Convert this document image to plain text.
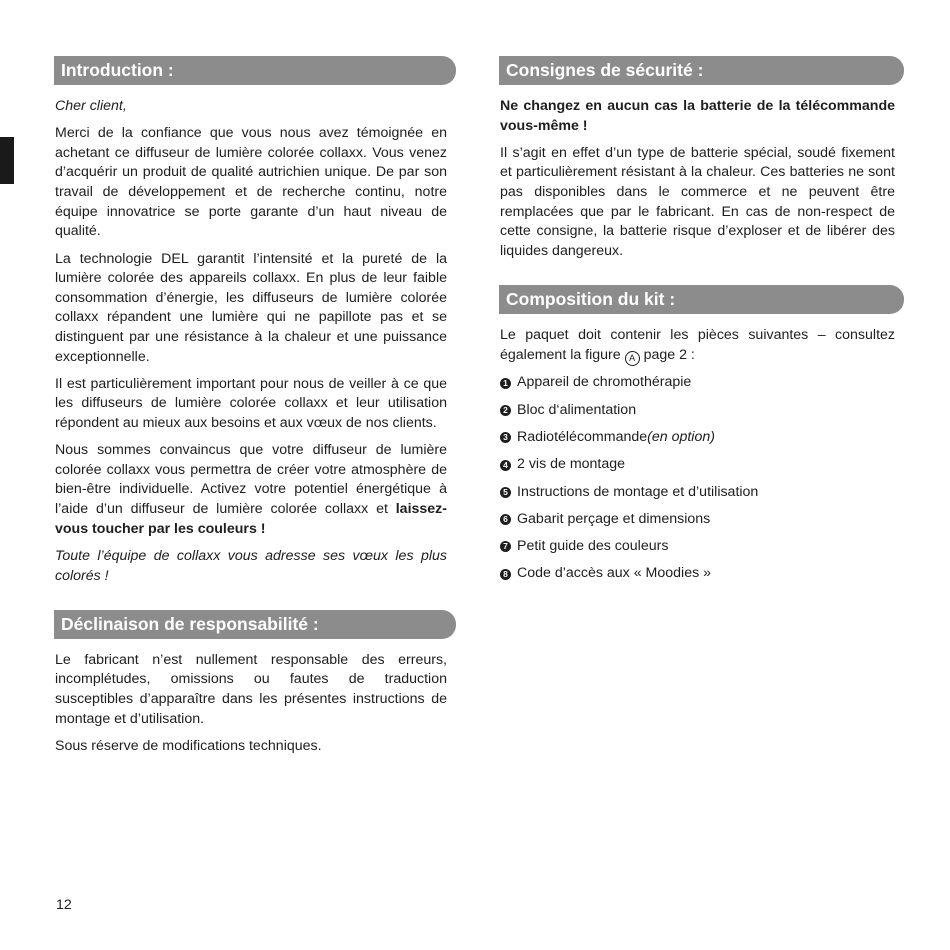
Introduction :

Cher client,

Merci de la confiance que vous nous avez témoignée en achetant ce diffuseur de lumière colorée collaxx. Vous venez d’acquérir un produit de qualité autrichien unique. De par son travail de développement et de recherche continu, notre équipe innovatrice se porte garante d’un haut niveau de qualité.

La technologie DEL garantit l’intensité et la pureté de la lumière colorée des appareils collaxx. En plus de leur faible consommation d’énergie, les diffuseurs de lumière colorée collaxx répandent une lumière qui ne papillote pas et se distinguent par une résistance à la chaleur et une puissance exceptionnelle.

Il est particulièrement important pour nous de veiller à ce que les diffuseurs de lumière colorée collaxx et leur utilisation répondent au mieux aux besoins et aux vœux de nos clients.

Nous sommes convaincus que votre diffuseur de lumière colorée collaxx vous permettra de créer votre atmosphère de bien-être individuelle. Activez votre potentiel énergétique à l’aide d’un diffuseur de lumière colorée collaxx et laissez-vous toucher par les couleurs !

Toute l’équipe de collaxx vous adresse ses vœux les plus colorés !

Déclinaison de responsabilité :

Le fabricant n’est nullement responsable des erreurs, incomplétudes, omissions ou fautes de traduction susceptibles d’apparaître dans les présentes instructions de montage et d’utilisation.

Sous réserve de modifications techniques.

Consignes de sécurité :

Ne changez en aucun cas la batterie de la télécommande vous-même !

Il s’agit en effet d’un type de batterie spécial, soudé fixement et particulièrement résistant à la chaleur. Ces batteries ne sont pas disponibles dans le commerce et ne peuvent être remplacées que par le fabricant. En cas de non-respect de cette consigne, la batterie risque d’exploser et de libérer des liquides dangereux.

Composition du kit :

Le paquet doit contenir les pièces suivantes – consultez également la figure A page 2 :

1 Appareil de chromothérapie
2 Bloc d‘alimentation
3 Radiotélécommande (en option)
4 2 vis de montage
5 Instructions de montage et d’utilisation
6 Gabarit perçage et dimensions
7 Petit guide des couleurs
8 Code d’accès aux « Moodies »
12
